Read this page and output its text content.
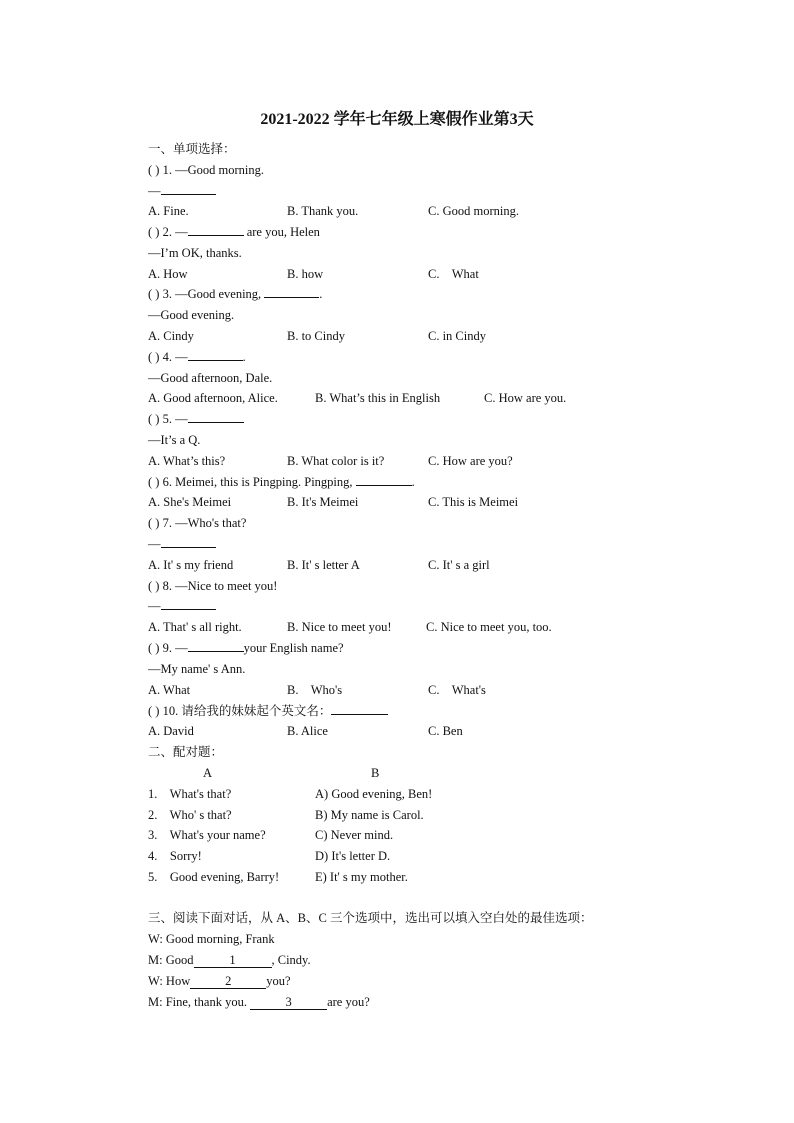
2021-2022 学年七年级上寒假作业第3天
一、单项选择：
( ) 1. —Good morning.
—
A. Fine.	B. Thank you.	C. Good morning.
( ) 2. —	are you, Helen
—I’m OK, thanks.
A. How	B. how	C.    What
( ) 3. —Good evening,	.
—Good evening.
A. Cindy	B. to Cindy	C. in Cindy
( ) 4. —	.
—Good afternoon, Dale.
A. Good afternoon, Alice.	B. What’s this in English	C. How are you.
( ) 5. —
—It’s a Q.
A. What’s this?	B. What color is it?	C. How are you?
( ) 6. Meimei, this is Pingping. Pingping,	.
A. She's Meimei	B. It's Meimei	C. This is Meimei
( ) 7. —Who's that?
—
A. It' s my friend	B. It' s letter A	C. It' s a girl
( ) 8. —Nice to meet you!
—
A. That' s all right.	B. Nice to meet you!	C. Nice to meet you, too.
( ) 9. —	your English name?
—My name' s Ann.
A. What	B.    Who's	C.    What's
( ) 10. 请给我的妹妹起个英文名：
A. David	B. Alice	C. Ben
二、配对题：
A	B
1.    What's that?	A) Good evening, Ben!
2.    Who' s that?	B) My name is Carol.
3.    What's your name?	C) Never mind.
4.    Sorry!	D) It's letter D.
5.    Good evening, Barry!	E) It' s my mother.
三、阅读下面对话，从 A、B、C 三个选项中，选出可以填入空白处的最佳选项：
W: Good morning, Frank
M: Good	1	, Cindy.
W: How	2	you?
M: Fine, thank you.	3	are you?
